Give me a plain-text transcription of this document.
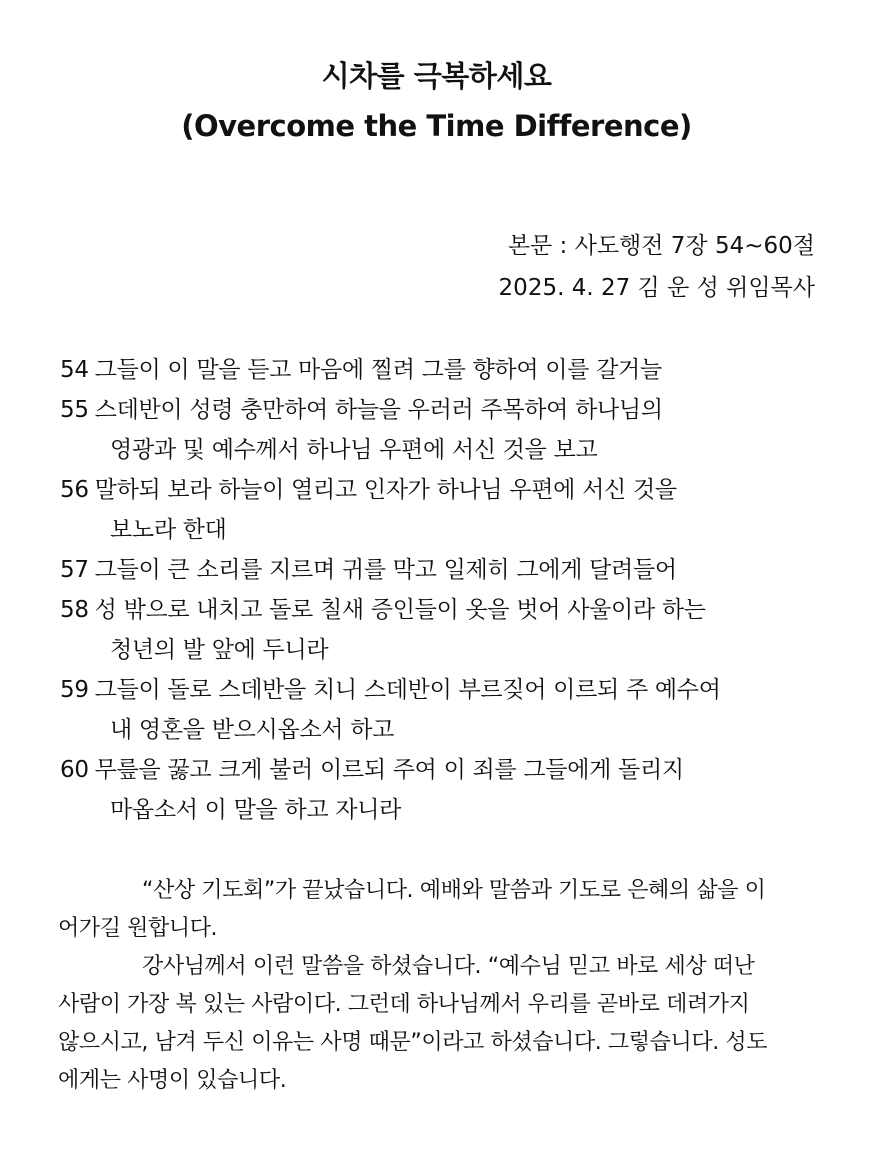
시차를 극복하세요
(Overcome the Time Difference)
본문 : 사도행전 7장 54~60절
2025. 4. 27 김 운 성 위임목사
54 그들이 이 말을 듣고 마음에 찔려 그를 향하여 이를 갈거늘
55 스데반이 성령 충만하여 하늘을 우러러 주목하여 하나님의
영광과 및 예수께서 하나님 우편에 서신 것을 보고
56 말하되 보라 하늘이 열리고 인자가 하나님 우편에 서신 것을
보노라 한대
57 그들이 큰 소리를 지르며 귀를 막고 일제히 그에게 달려들어
58 성 밖으로 내치고 돌로 칠새 증인들이 옷을 벗어 사울이라 하는
청년의 발 앞에 두니라
59 그들이 돌로 스데반을 치니 스데반이 부르짖어 이르되 주 예수여
내 영혼을 받으시옵소서 하고
60 무릎을 꿇고 크게 불러 이르되 주여 이 죄를 그들에게 돌리지
마옵소서 이 말을 하고 자니라
“산상 기도회”가 끝났습니다. 예배와 말씀과 기도로 은혜의 삶을 이
어가길 원합니다.
강사님께서 이런 말씀을 하셨습니다. “예수님 믿고 바로 세상 떠난
사람이 가장 복 있는 사람이다. 그런데 하나님께서 우리를 곧바로 데려가지
않으시고, 남겨 두신 이유는 사명 때문”이라고 하셨습니다. 그렇습니다. 성도
에게는 사명이 있습니다.
